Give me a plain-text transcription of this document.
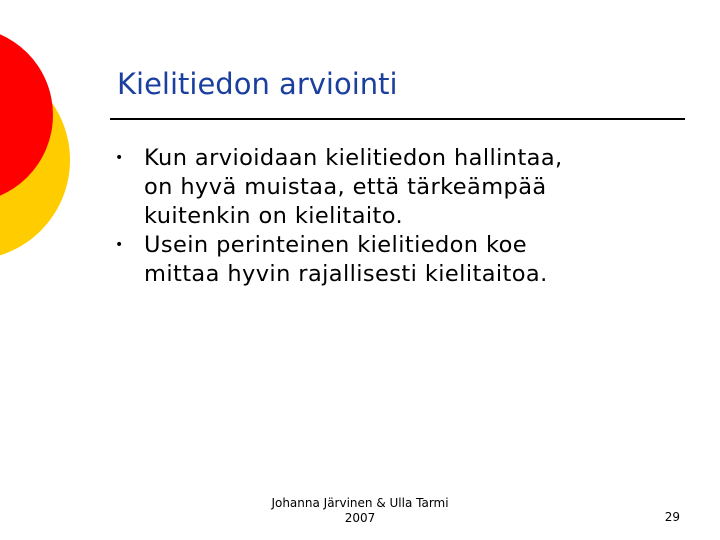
Kielitiedon arviointi
• Kun arvioidaan kielitiedon hallintaa,
on hyvä muistaa, että tärkeämpää
kuitenkin on kielitaito.
• Usein perinteinen kielitiedon koe
mittaa hyvin rajallisesti kielitaitoa.
Johanna Järvinen & Ulla Tarmi
2007	29
